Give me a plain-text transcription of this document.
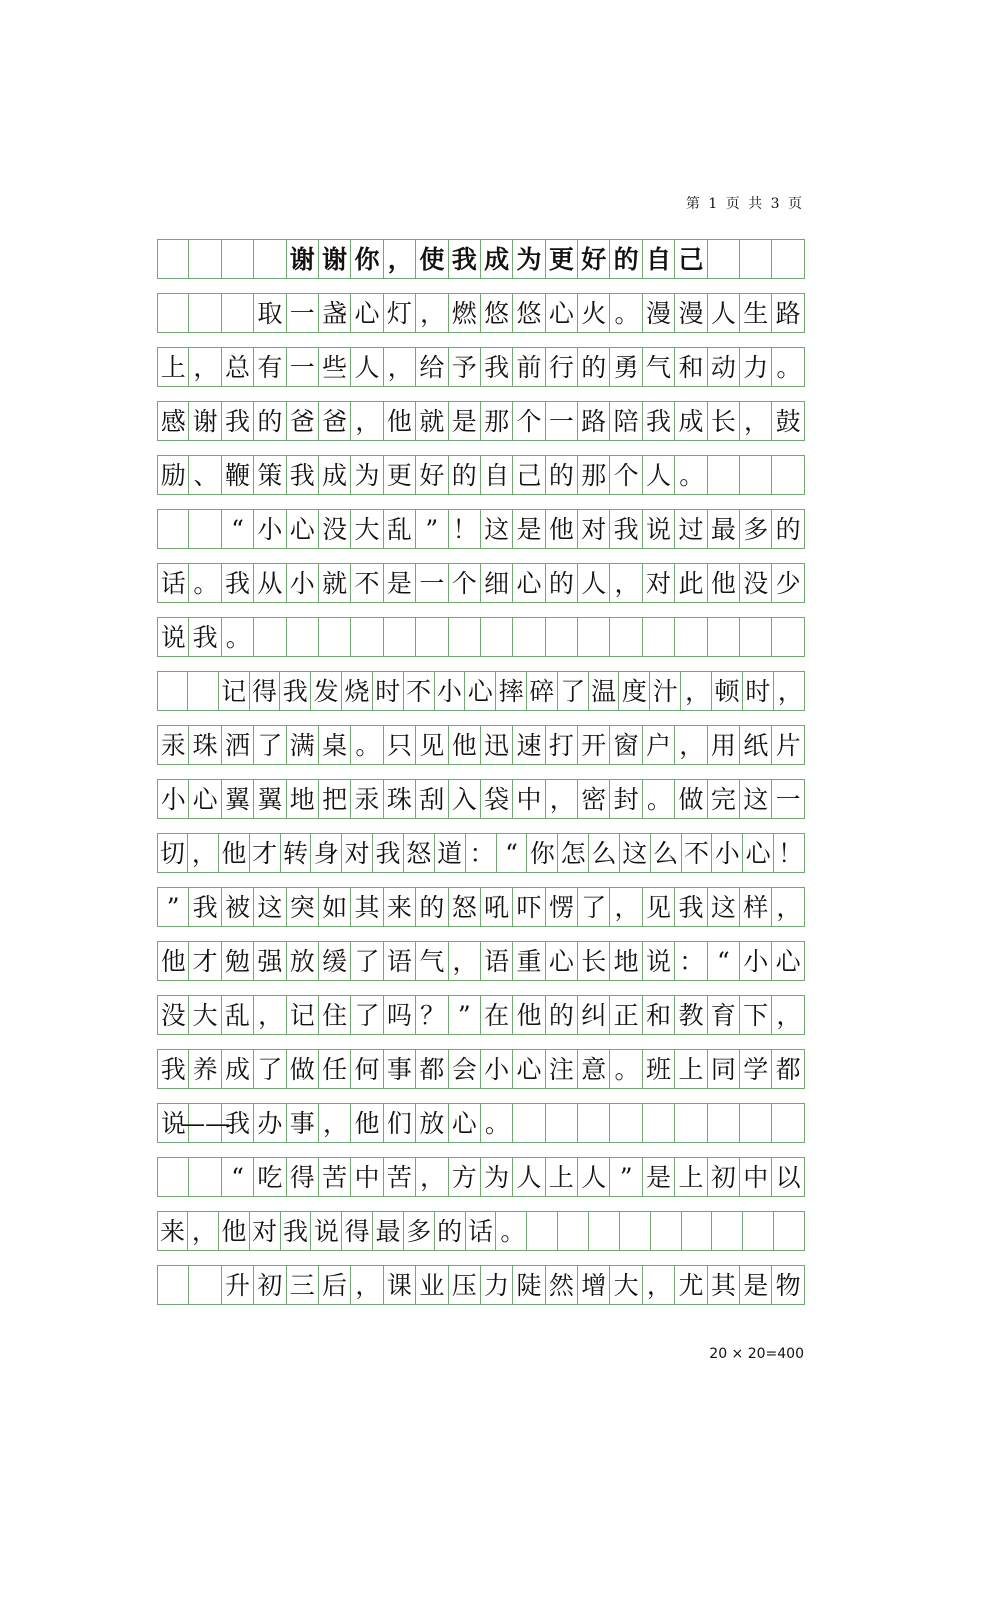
第 1 页 共 3 页
谢 谢 你 ， 使 我 成 为 更 好 的 自 己
取 一 盏 心 灯 ， 燃 悠 悠 心 火 。 漫 漫 人 生 路
上 ， 总 有 一 些 人 ， 给 予 我 前 行 的 勇 气 和 动 力 。
感 谢 我 的 爸 爸 ， 他 就 是 那 个 一 路 陪 我 成 长 ， 鼓
励 、 鞭 策 我 成 为 更 好 的 自 己 的 那 个 人 。
“ 小 心 没 大 乱 ” ！ 这 是 他 对 我 说 过 最 多 的
话 。 我 从 小 就 不 是 一 个 细 心 的 人 ， 对 此 他 没 少
说 我 。
记 得 我 发 烧 时 不 小 心 摔 碎 了 温 度 汁 ， 顿 时 ，
汞 珠 洒 了 满 桌 。 只 见 他 迅 速 打 开 窗 户 ， 用 纸 片
小 心 翼 翼 地 把 汞 珠 刮 入 袋 中 ， 密 封 。 做 完 这 一
切 ， 他 才 转 身 对 我 怒 道 ： “ 你 怎 么 这 么 不 小 心 ！
” 我 被 这 突 如 其 来 的 怒 吼 吓 愣 了 ， 见 我 这 样 ，
他 才 勉 强 放 缓 了 语 气 ， 语 重 心 长 地 说 ： “ 小 心
没 大 乱 ， 记 住 了 吗 ？ ” 在 他 的 纠 正 和 教 育 下 ，
我 养 成 了 做 任 何 事 都 会 小 心 注 意 。 班 上 同 学 都
说
——
我 办 事 ， 他 们 放 心 。
“ 吃 得 苦 中 苦 ， 方 为 人 上 人 ” 是 上 初 中 以
来 ， 他 对 我 说 得 最 多 的 话 。
升 初 三 后 ， 课 业 压 力 陡 然 增 大 ， 尤 其 是 物
20 × 20=400
